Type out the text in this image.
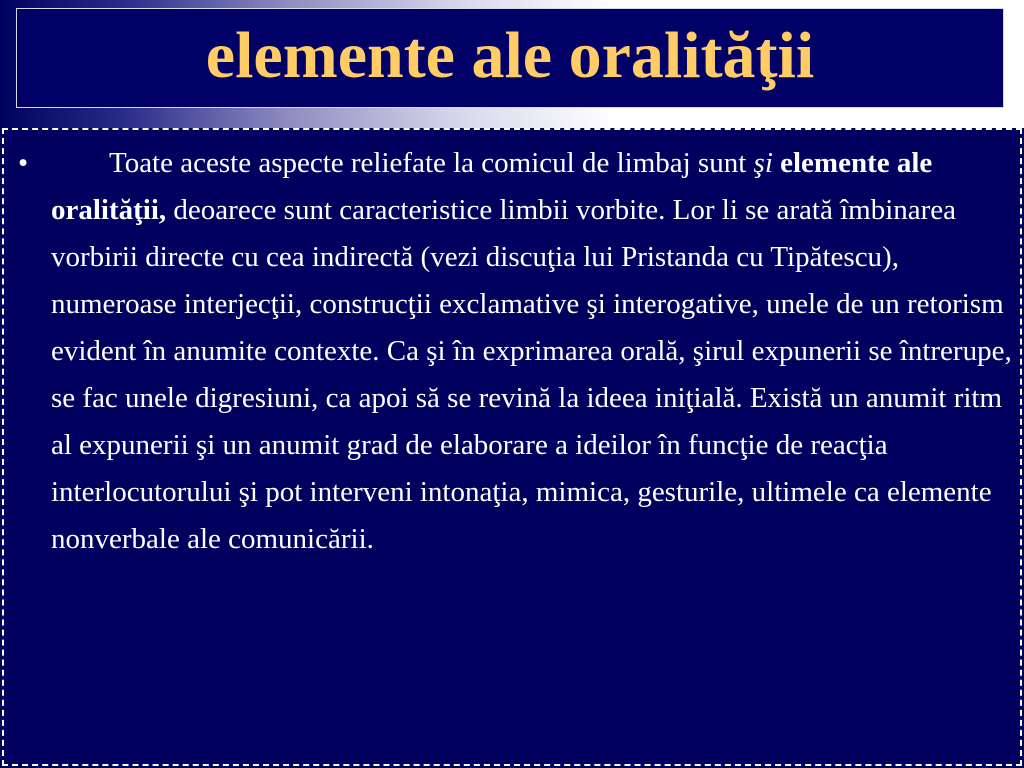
elemente ale oralităţii
•	Toate aceste aspecte reliefate la comicul de limbaj sunt şi elemente ale oralităţii, deoarece sunt caracteristice limbii vorbite. Lor li se arată îmbinarea vorbirii directe cu cea indirectă (vezi discuţia lui Pristanda cu Tipătescu), numeroase interjecţii, construcţii exclamative şi interogative, unele de un retorism evident în anumite contexte. Ca şi în exprimarea orală, şirul expunerii se întrerupe, se fac unele digresiuni, ca apoi să se revină la ideea iniţială. Există un anumit ritm al expunerii şi un anumit grad de elaborare a ideilor în funcţie de reacţia interlocutorului şi pot interveni intonaţia, mimica, gesturile, ultimele ca elemente nonverbale ale comunicării.
